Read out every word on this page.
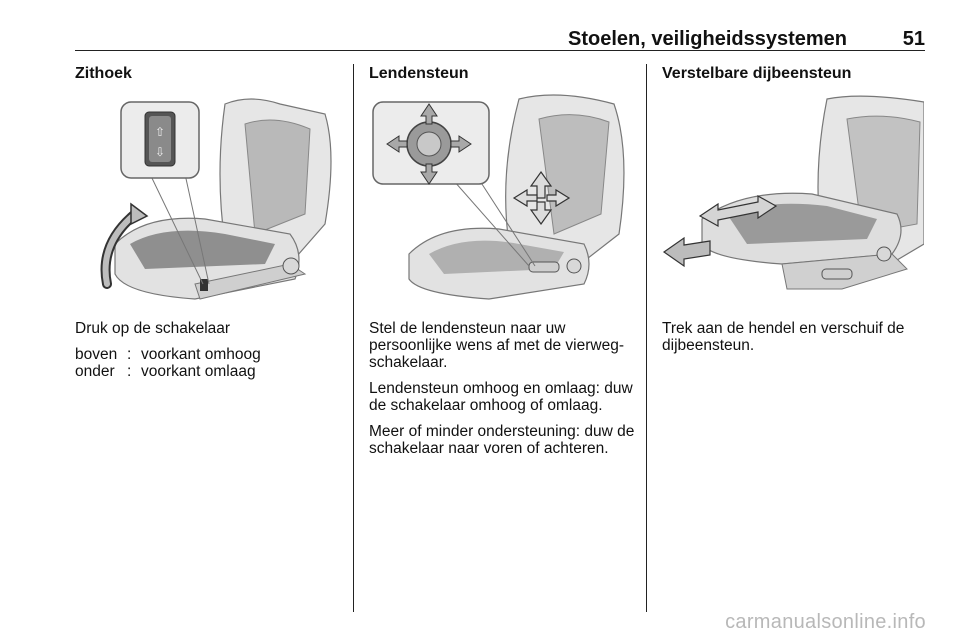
Stoelen, veiligheidssystemen	51
Zithoek
⇧
⇩

Druk op de schakelaar

boven : voorkant omhoog
onder : voorkant omlaag
Lendensteun

Stel de lendensteun naar uw persoonlijke wens af met de vierweg-schakelaar.

Lendensteun omhoog en omlaag: duw de schakelaar omhoog of omlaag.

Meer of minder ondersteuning: duw de schakelaar naar voren of achteren.

Verstelbare dijbeensteun

Trek aan de hendel en verschuif de dijbeensteun.

carmanualsonline.info
